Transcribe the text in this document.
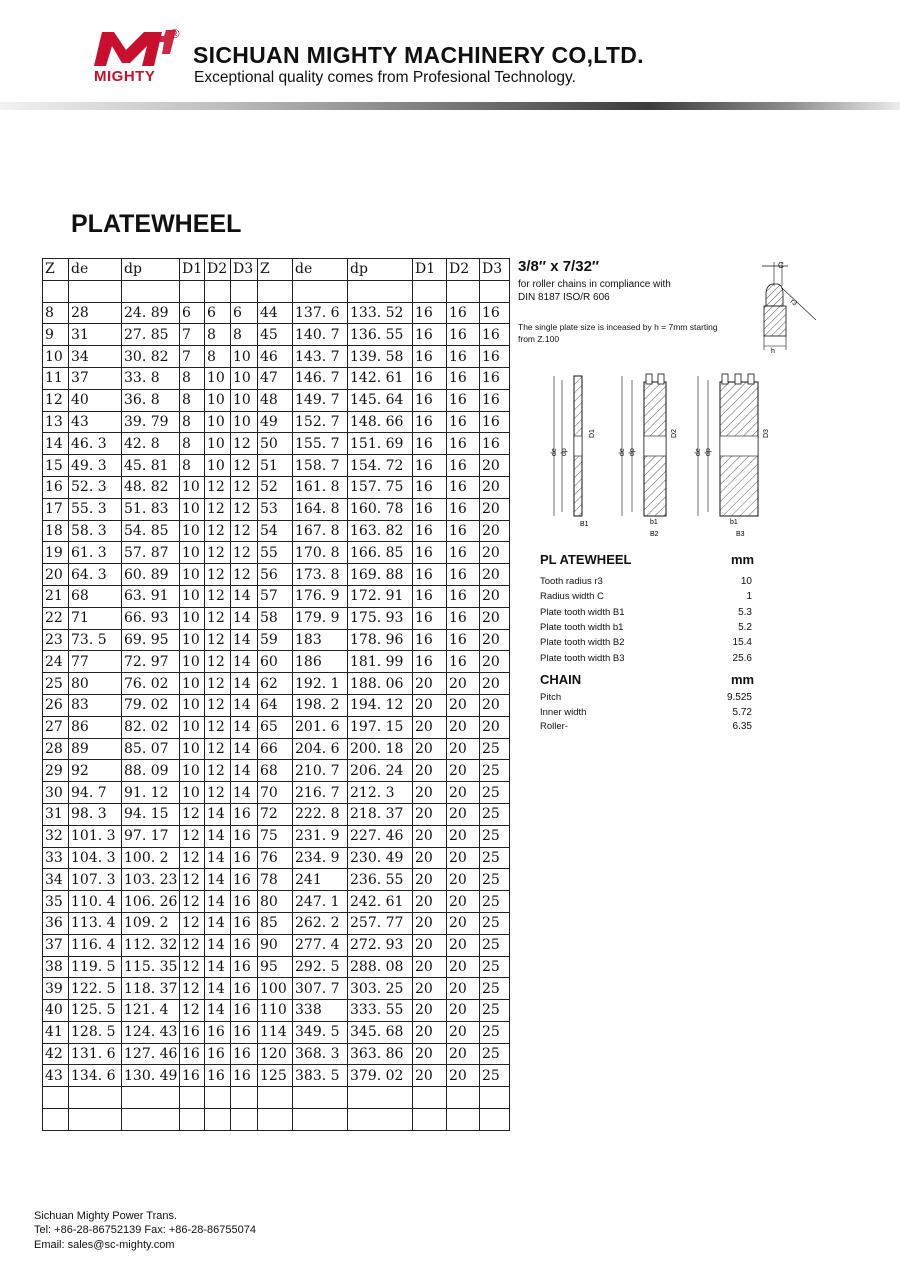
®
MIGHTY
SICHUAN MIGHTY MACHINERY CO,LTD.
Exceptional quality comes from Profesional Technology.
PLATEWHEEL
Z	de	dp	D1	D2	D3	Z	de	dp	D1	D2	D3

8	28	24. 89	6	6	6	44	137. 6	133. 52	16	16	16
9	31	27. 85	7	8	8	45	140. 7	136. 55	16	16	16
10	34	30. 82	7	8	10	46	143. 7	139. 58	16	16	16
11	37	33. 8	8	10	10	47	146. 7	142. 61	16	16	16
12	40	36. 8	8	10	10	48	149. 7	145. 64	16	16	16
13	43	39. 79	8	10	10	49	152. 7	148. 66	16	16	16
14	46. 3	42. 8	8	10	12	50	155. 7	151. 69	16	16	16
15	49. 3	45. 81	8	10	12	51	158. 7	154. 72	16	16	20
16	52. 3	48. 82	10	12	12	52	161. 8	157. 75	16	16	20
17	55. 3	51. 83	10	12	12	53	164. 8	160. 78	16	16	20
18	58. 3	54. 85	10	12	12	54	167. 8	163. 82	16	16	20
19	61. 3	57. 87	10	12	12	55	170. 8	166. 85	16	16	20
20	64. 3	60. 89	10	12	12	56	173. 8	169. 88	16	16	20
21	68	63. 91	10	12	14	57	176. 9	172. 91	16	16	20
22	71	66. 93	10	12	14	58	179. 9	175. 93	16	16	20
23	73. 5	69. 95	10	12	14	59	183	178. 96	16	16	20
24	77	72. 97	10	12	14	60	186	181. 99	16	16	20
25	80	76. 02	10	12	14	62	192. 1	188. 06	20	20	20
26	83	79. 02	10	12	14	64	198. 2	194. 12	20	20	20
27	86	82. 02	10	12	14	65	201. 6	197. 15	20	20	20
28	89	85. 07	10	12	14	66	204. 6	200. 18	20	20	25
29	92	88. 09	10	12	14	68	210. 7	206. 24	20	20	25
30	94. 7	91. 12	10	12	14	70	216. 7	212. 3	20	20	25
31	98. 3	94. 15	12	14	16	72	222. 8	218. 37	20	20	25
32	101. 3	97. 17	12	14	16	75	231. 9	227. 46	20	20	25
33	104. 3	100. 2	12	14	16	76	234. 9	230. 49	20	20	25
34	107. 3	103. 23	12	14	16	78	241	236. 55	20	20	25
35	110. 4	106. 26	12	14	16	80	247. 1	242. 61	20	20	25
36	113. 4	109. 2	12	14	16	85	262. 2	257. 77	20	20	25
37	116. 4	112. 32	12	14	16	90	277. 4	272. 93	20	20	25
38	119. 5	115. 35	12	14	16	95	292. 5	288. 08	20	20	25
39	122. 5	118. 37	12	14	16	100	307. 7	303. 25	20	20	25
40	125. 5	121. 4	12	14	16	110	338	333. 55	20	20	25
41	128. 5	124. 43	16	16	16	114	349. 5	345. 68	20	20	25
42	131. 6	127. 46	16	16	16	120	368. 3	363. 86	20	20	25
43	134. 6	130. 49	16	16	16	125	383. 5	379. 02	20	20	25

3/8″ x 7/32″
for roller chains in compliance with
DIN 8187 ISO/R 606
The single plate size is inceased by h = 7mm starting
from Z.100
C
r3
h
de dp
D1
B1
de dp
D2
b1
B2
de dp
D3
b1
B3
PL ATEWHEEL	mm
Tooth radius r3	10
Radius width C	1
Plate tooth width B1	5.3
Plate tooth width b1	5.2
Plate tooth width B2	15.4
Plate tooth width B3	25.6
CHAIN	mm
Pitch	9.525
Inner width	5.72
Roller-	6.35
Sichuan Mighty Power Trans.
Tel: +86-28-86752139 Fax: +86-28-86755074
Email: sales@sc-mighty.com
